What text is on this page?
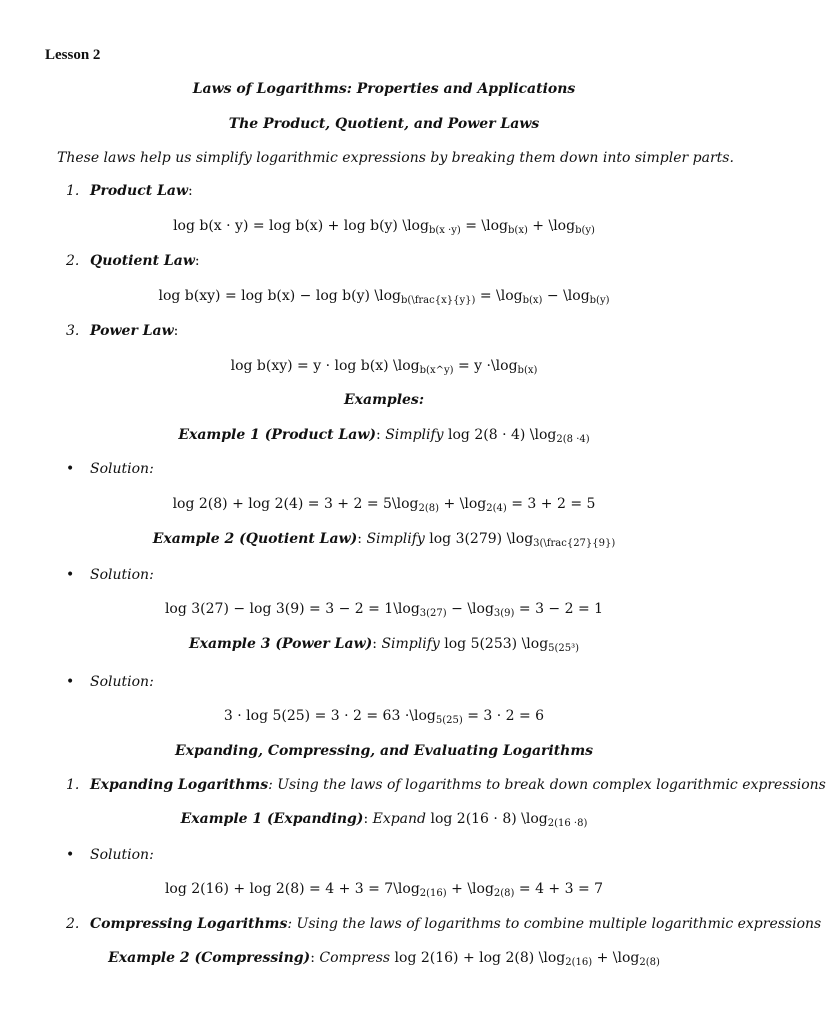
Lesson 2
Laws of Logarithms: Properties and Applications
The Product, Quotient, and Power Laws
These laws help us simplify logarithmic expressions by breaking them down into simpler parts.
1. Product Law:
log b(x · y) = log b(x) + log b(y) $\backslash\log_{b(x \cdot y)}$ = $\backslash\log_{b(x)}$ + $\backslash\log_{b(y)}$
2. Quotient Law:
log b(xy) = log b(x) − log b(y) $\backslash\log_{b(\backslash frac\{x\}\{y\})}$ = $\backslash\log_{b(x)}$ − $\backslash\log_{b(y)}$
3. Power Law:
log b(xy) = y · log b(x) $\backslash\log_{b(x\^{}y)} = y$ $\cdot\backslash\log_{b(x)}$
Examples:
Example 1 (Product Law): Simplify log 2(8 · 4) $\backslash\log_{2(8 \cdot 4)}$
• Solution:
$\log 2(8) + \log 2(4) = 3 + 2 = 5\backslash\log_{2(8)}$ + $\backslash\log_{2(4)} = 3 + 2 = 5$
Example 2 (Quotient Law): Simplify log 3(279) $\backslash\log_{3(\backslash frac\{27\}\{9\})}$
• Solution:
$\log 3(27) - \log 3(9) = 3 - 2 = 1\backslash\log_{3(27)}$ − $\backslash\log_{3(9)} = 3 - 2 = 1$
Example 3 (Power Law): Simplify log 5(253) $\backslash\log_{5(25^3)}$
• Solution:
$3 \cdot \log 5(25) = 3 \cdot 2 = 63 \cdot\backslash\log_{5(25)} = 3 \cdot 2 = 6$
Expanding, Compressing, and Evaluating Logarithms
1. Expanding Logarithms: Using the laws of logarithms to break down complex logarithmic expressions
Example 1 (Expanding): Expand log 2(16 · 8) $\backslash\log_{2(16 \cdot 8)}$
• Solution:
$\log 2(16) + \log 2(8) = 4 + 3 = 7\backslash\log_{2(16)}$ + $\backslash\log_{2(8)} = 4 + 3 = 7$
2. Compressing Logarithms: Using the laws of logarithms to combine multiple logarithmic expressions
Example 2 (Compressing): Compress log 2(16) + log 2(8) $\backslash\log_{2(16)}$ + $\backslash\log_{2(8)}$
